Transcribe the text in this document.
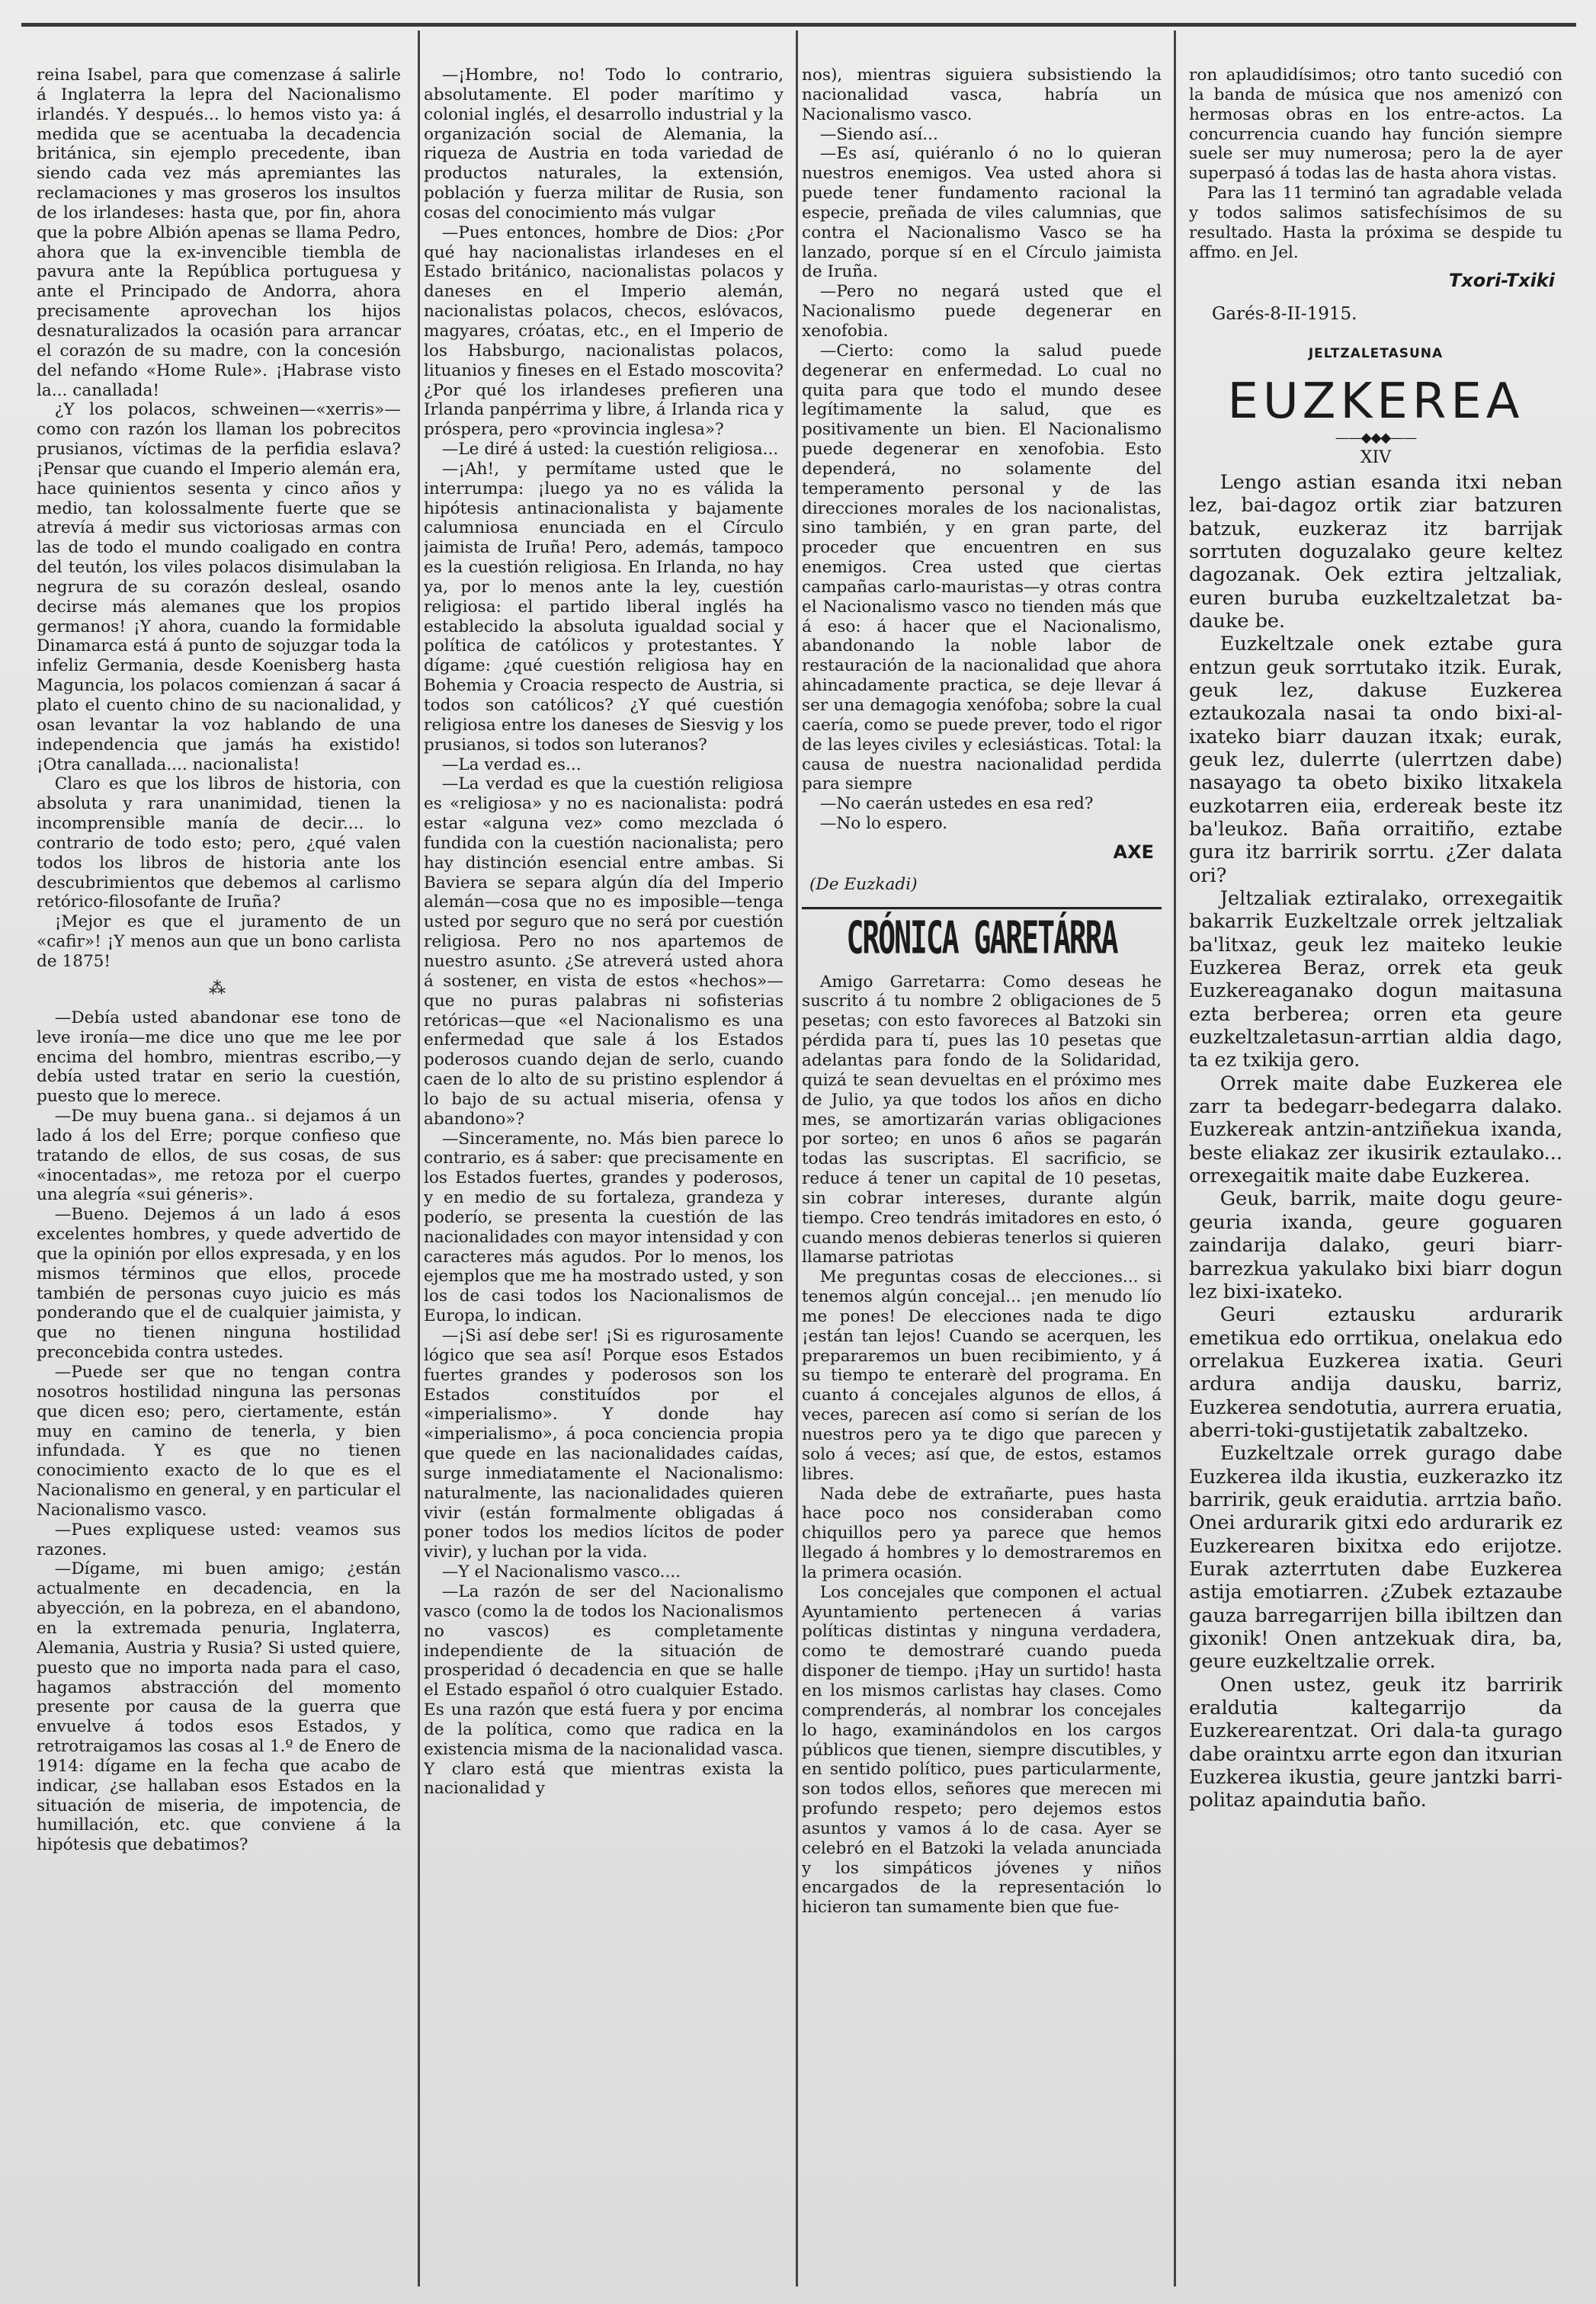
reina Isabel, para que comenzase á salirle á Inglaterra la lepra del Nacionalismo irlandés. Y después... lo hemos visto ya: á medida que se acentuaba la decadencia británica, sin ejemplo precedente, iban siendo cada vez más apremiantes las reclamaciones y mas groseros los insultos de los irlandeses: hasta que, por fin, ahora que la pobre Albión apenas se llama Pedro, ahora que la ex-invencible tiembla de pavura ante la República portuguesa y ante el Principado de Andorra, ahora precisamente aprovechan los hijos desnaturalizados la ocasión para arrancar el corazón de su madre, con la concesión del nefando «Home Rule». ¡Habrase visto la... canallada!

¿Y los polacos, schweinen—«xerris»—como con razón los llaman los pobrecitos prusianos, víctimas de la perfidia eslava? ¡Pensar que cuando el Imperio alemán era, hace quinientos sesenta y cinco años y medio, tan kolossalmente fuerte que se atrevía á medir sus victoriosas armas con las de todo el mundo coaligado en contra del teutón, los viles polacos disimulaban la negrura de su corazón desleal, osando decirse más alemanes que los propios germanos! ¡Y ahora, cuando la formidable Dinamarca está á punto de sojuzgar toda la infeliz Germania, desde Koenisberg hasta Maguncia, los polacos comienzan á sacar á plato el cuento chino de su nacionalidad, y osan levantar la voz hablando de una independencia que jamás ha existido! ¡Otra canallada.... nacionalista!

Claro es que los libros de historia, con absoluta y rara unanimidad, tienen la incomprensible manía de decir.... lo contrario de todo esto; pero, ¿qué valen todos los libros de historia ante los descubrimientos que debemos al carlismo retórico-filosofante de Iruña?

¡Mejor es que el juramento de un «cafir»! ¡Y menos aun que un bono carlista de 1875!

⁂

—Debía usted abandonar ese tono de leve ironía—me dice uno que me lee por encima del hombro, mientras escribo,—y debía usted tratar en serio la cuestión, puesto que lo merece.

—De muy buena gana.. si dejamos á un lado á los del Erre; porque confieso que tratando de ellos, de sus cosas, de sus «inocentadas», me retoza por el cuerpo una alegría «sui géneris».

—Bueno. Dejemos á un lado á esos excelentes hombres, y quede advertido de que la opinión por ellos expresada, y en los mismos términos que ellos, procede también de personas cuyo juicio es más ponderando que el de cualquier jaimista, y que no tienen ninguna hostilidad preconcebida contra ustedes.

—Puede ser que no tengan contra nosotros hostilidad ninguna las personas que dicen eso; pero, ciertamente, están muy en camino de tenerla, y bien infundada. Y es que no tienen conocimiento exacto de lo que es el Nacionalismo en general, y en particular el Nacionalismo vasco.

—Pues expliquese usted: veamos sus razones.

—Dígame, mi buen amigo; ¿están actualmente en decadencia, en la abyección, en la pobreza, en el abandono, en la extremada penuria, Inglaterra, Alemania, Austria y Rusia? Si usted quiere, puesto que no importa nada para el caso, hagamos abstracción del momento presente por causa de la guerra que envuelve á todos esos Estados, y retrotraigamos las cosas al 1.º de Enero de 1914: dígame en la fecha que acabo de indicar, ¿se hallaban esos Estados en la situación de miseria, de impotencia, de humillación, etc. que conviene á la hipótesis que debatimos?

—¡Hombre, no! Todo lo contrario, absolutamente. El poder marítimo y colonial inglés, el desarrollo industrial y la organización social de Alemania, la riqueza de Austria en toda variedad de productos naturales, la extensión, población y fuerza militar de Rusia, son cosas del conocimiento más vulgar

—Pues entonces, hombre de Dios: ¿Por qué hay nacionalistas irlandeses en el Estado británico, nacionalistas polacos y daneses en el Imperio alemán, nacionalistas polacos, checos, eslóvacos, magyares, cróatas, etc., en el Imperio de los Habsburgo, nacionalistas polacos, lituanios y fineses en el Estado moscovita? ¿Por qué los irlandeses prefieren una Irlanda panpérrima y libre, á Irlanda rica y próspera, pero «provincia inglesa»?

—Le diré á usted: la cuestión religiosa...

—¡Ah!, y permítame usted que le interrumpa: ¡luego ya no es válida la hipótesis antinacionalista y bajamente calumniosa enunciada en el Círculo jaimista de Iruña! Pero, además, tampoco es la cuestión religiosa. En Irlanda, no hay ya, por lo menos ante la ley, cuestión religiosa: el partido liberal inglés ha establecido la absoluta igualdad social y política de católicos y protestantes. Y dígame: ¿qué cuestión religiosa hay en Bohemia y Croacia respecto de Austria, si todos son católicos? ¿Y qué cuestión religiosa entre los daneses de Siesvig y los prusianos, si todos son luteranos?

—La verdad es...

—La verdad es que la cuestión religiosa es «religiosa» y no es nacionalista: podrá estar «alguna vez» como mezclada ó fundida con la cuestión nacionalista; pero hay distinción esencial entre ambas. Si Baviera se separa algún día del Imperio alemán—cosa que no es imposible—tenga usted por seguro que no será por cuestión religiosa. Pero no nos apartemos de nuestro asunto. ¿Se atreverá usted ahora á sostener, en vista de estos «hechos»—que no puras palabras ni sofisterias retóricas—que «el Nacionalismo es una enfermedad que sale á los Estados poderosos cuando dejan de serlo, cuando caen de lo alto de su pristino esplendor á lo bajo de su actual miseria, ofensa y abandono»?

—Sinceramente, no. Más bien parece lo contrario, es á saber: que precisamente en los Estados fuertes, grandes y poderosos, y en medio de su fortaleza, grandeza y poderío, se presenta la cuestión de las nacionalidades con mayor intensidad y con caracteres más agudos. Por lo menos, los ejemplos que me ha mostrado usted, y son los de casi todos los Nacionalismos de Europa, lo indican.

—¡Si así debe ser! ¡Si es rigurosamente lógico que sea así! Porque esos Estados fuertes grandes y poderosos son los Estados constituídos por el «imperialismo». Y donde hay «imperialismo», á poca conciencia propia que quede en las nacionalidades caídas, surge inmediatamente el Nacionalismo: naturalmente, las nacionalidades quieren vivir (están formalmente obligadas á poner todos los medios lícitos de poder vivir), y luchan por la vida.

—Y el Nacionalismo vasco....

—La razón de ser del Nacionalismo vasco (como la de todos los Nacionalismos no vascos) es completamente independiente de la situación de prosperidad ó decadencia en que se halle el Estado español ó otro cualquier Estado. Es una razón que está fuera y por encima de la política, como que radica en la existencia misma de la nacionalidad vasca. Y claro está que mientras exista la nacionalidad y

nos), mientras siguiera subsistiendo la nacionalidad vasca, habría un Nacionalismo vasco.

—Siendo así...

—Es así, quiéranlo ó no lo quieran nuestros enemigos. Vea usted ahora si puede tener fundamento racional la especie, preñada de viles calumnias, que contra el Nacionalismo Vasco se ha lanzado, porque sí en el Círculo jaimista de Iruña.

—Pero no negará usted que el Nacionalismo puede degenerar en xenofobia.

—Cierto: como la salud puede degenerar en enfermedad. Lo cual no quita para que todo el mundo desee legítimamente la salud, que es positivamente un bien. El Nacionalismo puede degenerar en xenofobia. Esto dependerá, no solamente del temperamento personal y de las direcciones morales de los nacionalistas, sino también, y en gran parte, del proceder que encuentren en sus enemigos. Crea usted que ciertas campañas carlo-mauristas—y otras contra el Nacionalismo vasco no tienden más que á eso: á hacer que el Nacionalismo, abandonando la noble labor de restauración de la nacionalidad que ahora ahincadamente practica, se deje llevar á ser una demagogia xenófoba; sobre la cual caería, como se puede prever, todo el rigor de las leyes civiles y eclesiásticas. Total: la causa de nuestra nacionalidad perdida para siempre

—No caerán ustedes en esa red?

—No lo espero.

AXE
(De Euzkadi)
CRÓNICA GARETÁRRA

Amigo Garretarra: Como deseas he suscrito á tu nombre 2 obligaciones de 5 pesetas; con esto favoreces al Batzoki sin pérdida para tí, pues las 10 pesetas que adelantas para fondo de la Solidaridad, quizá te sean devueltas en el próximo mes de Julio, ya que todos los años en dicho mes, se amortizarán varias obligaciones por sorteo; en unos 6 años se pagarán todas las suscriptas. El sacrificio, se reduce á tener un capital de 10 pesetas, sin cobrar intereses, durante algún tiempo. Creo tendrás imitadores en esto, ó cuando menos debieras tenerlos si quieren llamarse patriotas

Me preguntas cosas de elecciones... si tenemos algún concejal... ¡en menudo lío me pones! De elecciones nada te digo ¡están tan lejos! Cuando se acerquen, les prepararemos un buen recibimiento, y á su tiempo te enterarè del programa. En cuanto á concejales algunos de ellos, á veces, parecen así como si serían de los nuestros pero ya te digo que parecen y solo á veces; así que, de estos, estamos libres.

Nada debe de extrañarte, pues hasta hace poco nos consideraban como chiquillos pero ya parece que hemos llegado á hombres y lo demostraremos en la primera ocasión.

Los concejales que componen el actual Ayuntamiento pertenecen á varias políticas distintas y ninguna verdadera, como te demostraré cuando pueda disponer de tiempo. ¡Hay un surtido! hasta en los mismos carlistas hay clases. Como comprenderás, al nombrar los concejales lo hago, examinándolos en los cargos públicos que tienen, siempre discutibles, y en sentido político, pues particularmente, son todos ellos, señores que merecen mi profundo respeto; pero dejemos estos asuntos y vamos á lo de casa. Ayer se celebró en el Batzoki la velada anunciada y los simpáticos jóvenes y niños encargados de la representación lo hicieron tan sumamente bien que fue-

ron aplaudidísimos; otro tanto sucedió con la banda de música que nos amenizó con hermosas obras en los entre-actos. La concurrencia cuando hay función siempre suele ser muy numerosa; pero la de ayer superpasó á todas las de hasta ahora vistas.

Para las 11 terminó tan agradable velada y todos salimos satisfechísimos de su resultado. Hasta la próxima se despide tu affmo. en Jel.

Txori-Txiki
Garés-8-II-1915.
JELTZALETASUNA
EUZKEREA
——◆◆◆——
XIV

Lengo astian esanda itxi neban lez, bai-dagoz ortik ziar batzuren batzuk, euzkeraz itz barrijak sorrtuten doguzalako geure keltez dagozanak. Oek eztira jeltzaliak, euren buruba euzkeltzaletzat ba-dauke be.

Euzkeltzale onek eztabe gura entzun geuk sorrtutako itzik. Eurak, geuk lez, dakuse Euzkerea eztaukozala nasai ta ondo bixi-al-ixateko biarr dauzan itxak; eurak, geuk lez, dulerrte (ulerrtzen dabe) nasayago ta obeto bixiko litxakela euzkotarren eiia, erdereak beste itz ba'leukoz. Baña orraitiño, eztabe gura itz barririk sorrtu. ¿Zer dalata ori?

Jeltzaliak eztiralako, orrexegaitik bakarrik Euzkeltzale orrek jeltzaliak ba'litxaz, geuk lez maiteko leukie Euzkerea Beraz, orrek eta geuk Euzkereaganako dogun maitasuna ezta berberea; orren eta geure euzkeltzaletasun-arrtian aldia dago, ta ez txikija gero.

Orrek maite dabe Euzkerea ele zarr ta bedegarr-bedegarra dalako. Euzkereak antzin-antziñekua ixanda, beste eliakaz zer ikusirik eztaulako... orrexegaitik maite dabe Euzkerea.

Geuk, barrik, maite dogu geure-geuria ixanda, geure goguaren zaindarija dalako, geuri biarr-barrezkua yakulako bixi biarr dogun lez bixi-ixateko.

Geuri eztausku ardurarik emetikua edo orrtikua, onelakua edo orrelakua Euzkerea ixatia. Geuri ardura andija dausku, barriz, Euzkerea sendotutia, aurrera eruatia, aberri-toki-gustijetatik zabaltzeko.

Euzkeltzale orrek gurago dabe Euzkerea ilda ikustia, euzkerazko itz barririk, geuk eraidutia. arrtzia baño. Onei ardurarik gitxi edo ardurarik ez Euzkerearen bixitxa edo erijotze. Eurak azterrtuten dabe Euzkerea astija emotiarren. ¿Zubek eztazaube gauza barregarrijen billa ibiltzen dan gixonik! Onen antzekuak dira, ba, geure euzkeltzalie orrek.

Onen ustez, geuk itz barririk eraldutia kaltegarrijo da Euzkerearentzat. Ori dala-ta gurago dabe oraintxu arrte egon dan itxurian Euzkerea ikustia, geure jantzki barri-politaz apaindutia baño.
